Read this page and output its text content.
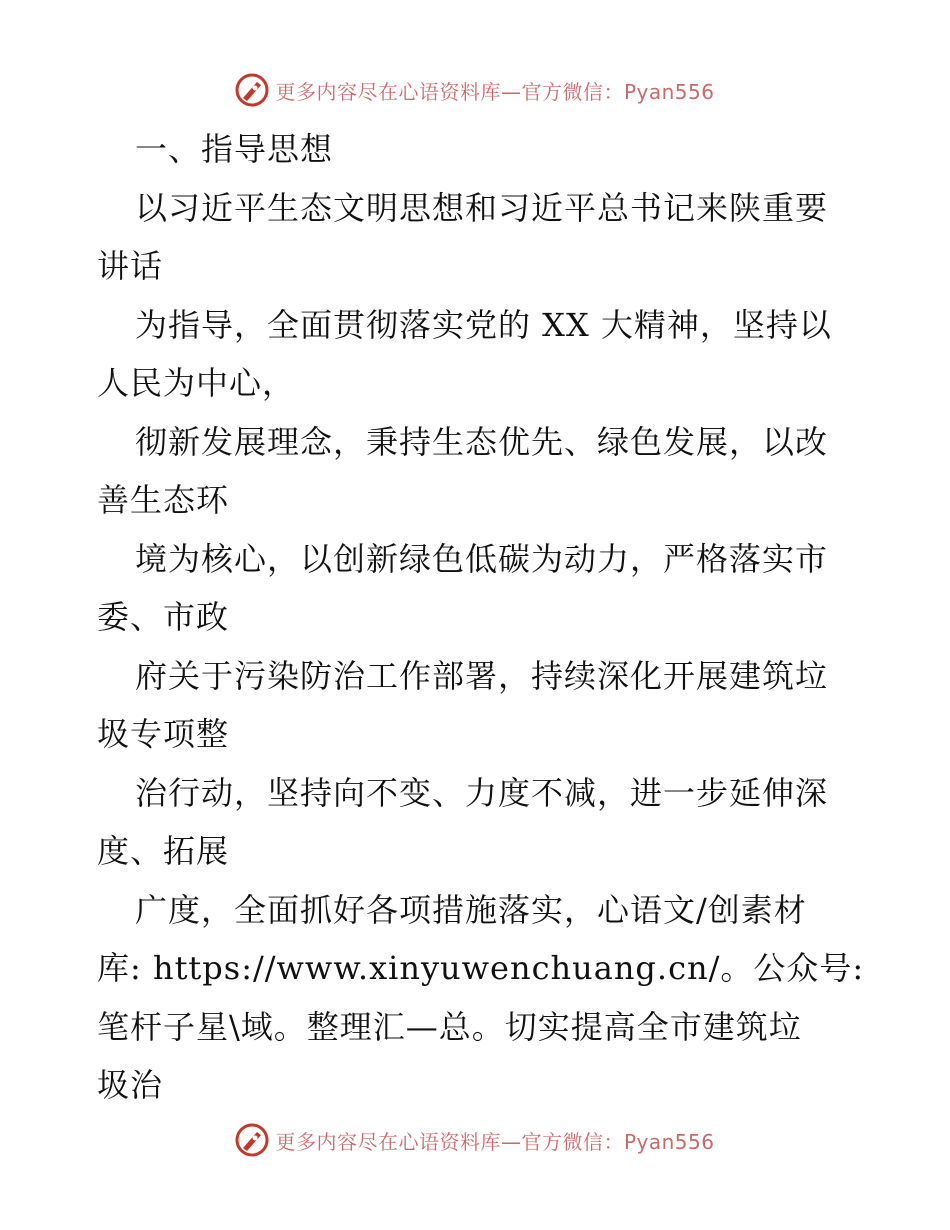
更多内容尽在心语资料库—官方微信：Pyan556
一、指导思想
以习近平生态文明思想和习近平总书记来陕重要
讲话
为指导，全面贯彻落实党的 XX 大精神，坚持以
人民为中心，
彻新发展理念，秉持生态优先、绿色发展，以改
善生态环
境为核心，以创新绿色低碳为动力，严格落实市
委、市政
府关于污染防治工作部署，持续深化开展建筑垃
圾专项整
治行动，坚持向不变、力度不减，进一步延伸深
度、拓展
广度，全面抓好各项措施落实，心语文/创素材
库: https://www.xinyuwenchuang.cn/。公众号:
笔杆子星\域。整理汇—总。切实提高全市建筑垃
圾治
更多内容尽在心语资料库—官方微信：Pyan556
